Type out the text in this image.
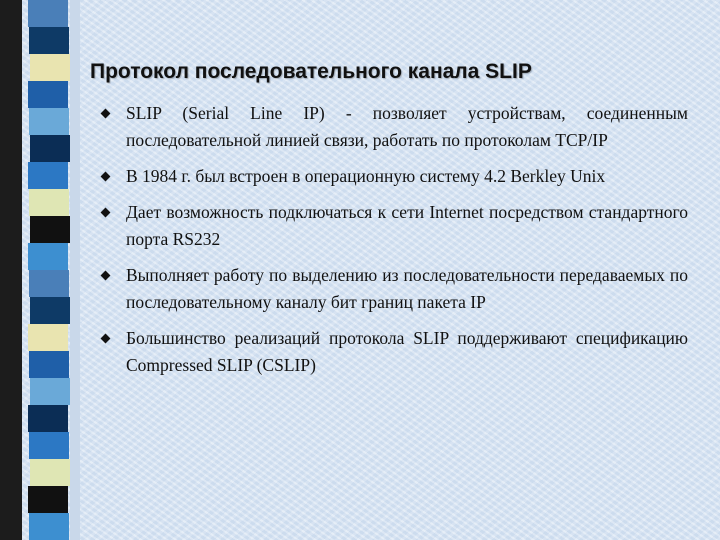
Протокол последовательного канала SLIP
SLIP (Serial Line IP) - позволяет устройствам, соединенным последовательной линией связи, работать по протоколам TCP/IP
В 1984 г. был встроен в операционную систему 4.2 Berkley Unix
Дает возможность подключаться к сети Internet посредством стандартного порта RS232
Выполняет работу по выделению из последовательности передаваемых по последовательному каналу бит границ пакета IP
Большинство реализаций протокола SLIP поддерживают спецификацию Compressed SLIP (CSLIP)
